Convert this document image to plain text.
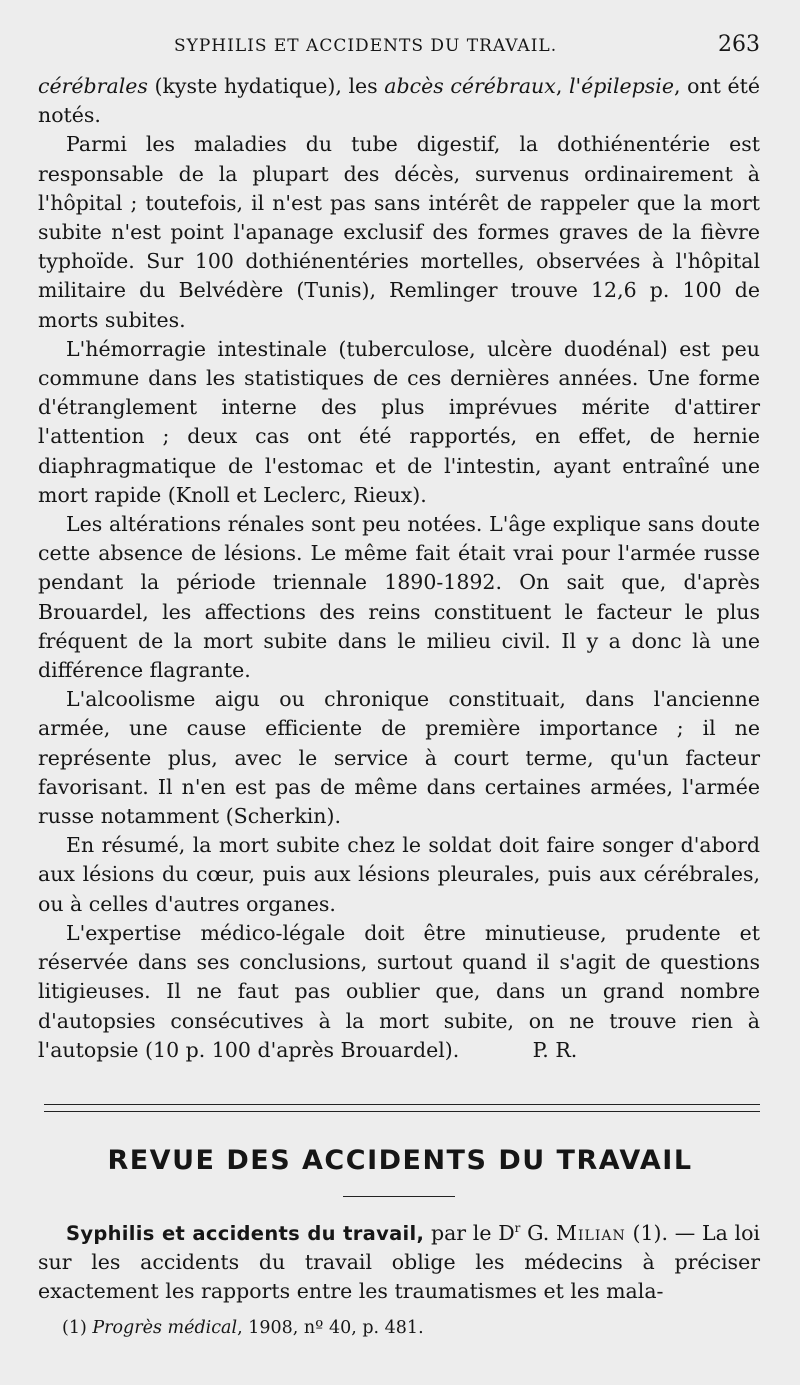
SYPHILIS ET ACCIDENTS DU TRAVAIL.	263

cérébrales (kyste hydatique), les abcès cérébraux, l'épilepsie, ont été notés.

Parmi les maladies du tube digestif, la dothiénentérie est responsable de la plupart des décès, survenus ordinairement à l'hôpital ; toutefois, il n'est pas sans intérêt de rappeler que la mort subite n'est point l'apanage exclusif des formes graves de la fièvre typhoïde. Sur 100 dothiénentéries mortelles, observées à l'hôpital militaire du Belvédère (Tunis), Remlinger trouve 12,6 p. 100 de morts subites.

L'hémorragie intestinale (tuberculose, ulcère duodénal) est peu commune dans les statistiques de ces dernières années. Une forme d'étranglement interne des plus imprévues mérite d'attirer l'attention ; deux cas ont été rapportés, en effet, de hernie diaphragmatique de l'estomac et de l'intestin, ayant entraîné une mort rapide (Knoll et Leclerc, Rieux).

Les altérations rénales sont peu notées. L'âge explique sans doute cette absence de lésions. Le même fait était vrai pour l'armée russe pendant la période triennale 1890-1892. On sait que, d'après Brouardel, les affections des reins constituent le facteur le plus fréquent de la mort subite dans le milieu civil. Il y a donc là une différence flagrante.

L'alcoolisme aigu ou chronique constituait, dans l'ancienne armée, une cause efficiente de première importance ; il ne représente plus, avec le service à court terme, qu'un facteur favorisant. Il n'en est pas de même dans certaines armées, l'armée russe notamment (Scherkin).

En résumé, la mort subite chez le soldat doit faire songer d'abord aux lésions du cœur, puis aux lésions pleurales, puis aux cérébrales, ou à celles d'autres organes.

L'expertise médico-légale doit être minutieuse, prudente et réservée dans ses conclusions, surtout quand il s'agit de questions litigieuses. Il ne faut pas oublier que, dans un grand nombre d'autopsies consécutives à la mort subite, on ne trouve rien à l'autopsie (10 p. 100 d'après Brouardel).	P. R.

REVUE DES ACCIDENTS DU TRAVAIL

Syphilis et accidents du travail, par le $D^r$ G. Milian (1). — La loi sur les accidents du travail oblige les médecins à préciser exactement les rapports entre les traumatismes et les mala-

(1) Progrès médical, 1908, nº 40, p. 481.
